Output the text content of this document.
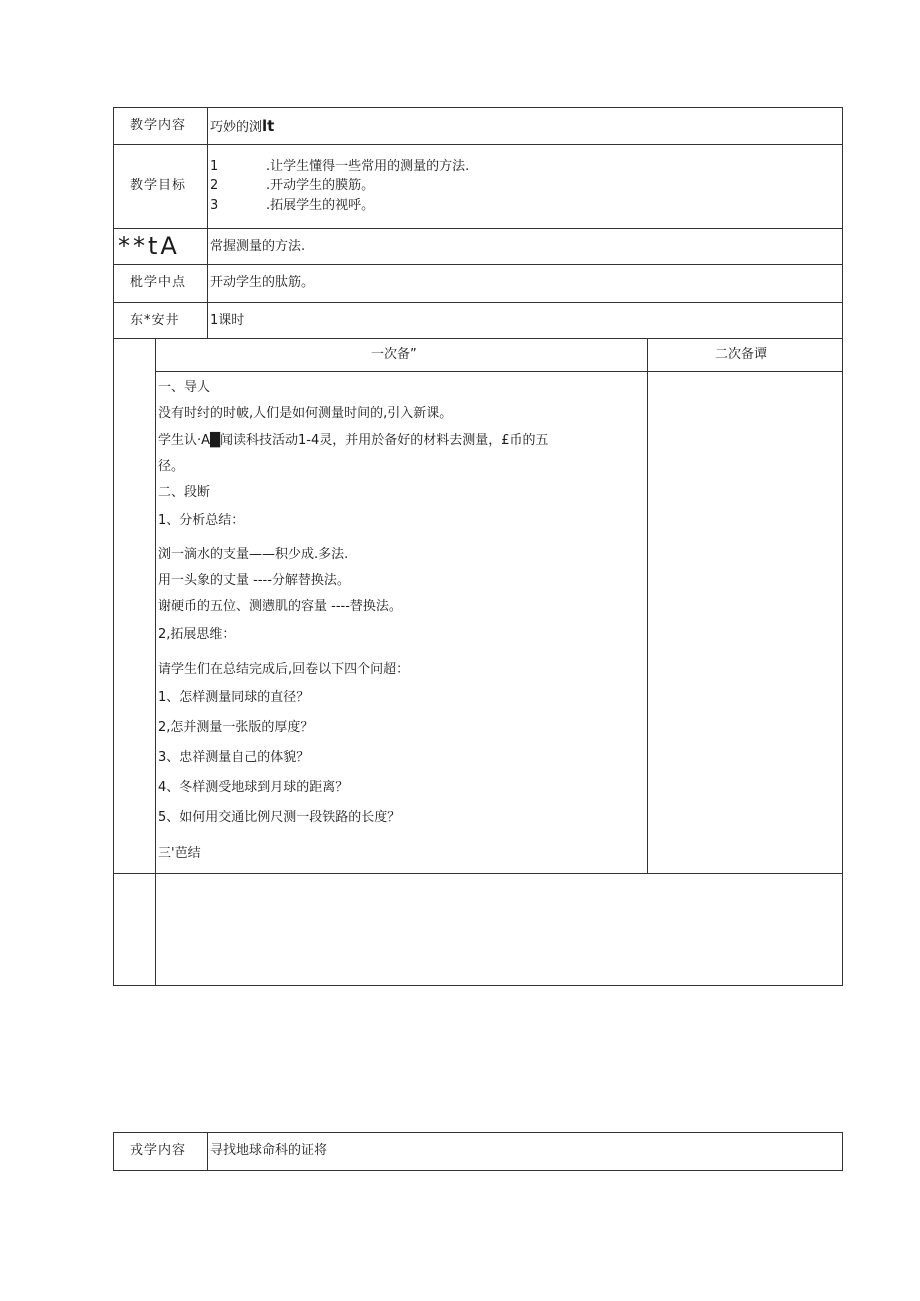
教学内容 巧妙的浏lt
教学目标
1	.让学生懂得一些常用的测量的方法.
2	.开动学生的膜筋。
3	.拓展学生的视呼。
**tA 常握测量的方法.
枇学中点 开动学生的肽筋。
东*安井 1课时
一次备”	二次备谭
一、导人
没有时纣的时帔,人们是如何测量时间的,引入新课。
学生认·A█闻读科技活动1-4灵，并用於备好的材料去测量，£币的五
径。
二、段断
1、分析总结：
浏一滴水的支量——积少成.多法.
用一头象的丈量 ----分解替换法。
谢硬币的五位、测懑肌的容量 ----替换法。
2,拓展思维：
请学生们在总结完成后,回卷以下四个问超：
1、怎样测量同球的直径？
2,怎并测量一张版的厚度？
3、忠祥测量自己的体貌？
4、冬样测受地球到月球的距离？
5、如何用交通比例尺测一段铁路的长度？
三'芭结
戎学内容 寻找地球命科的证将
